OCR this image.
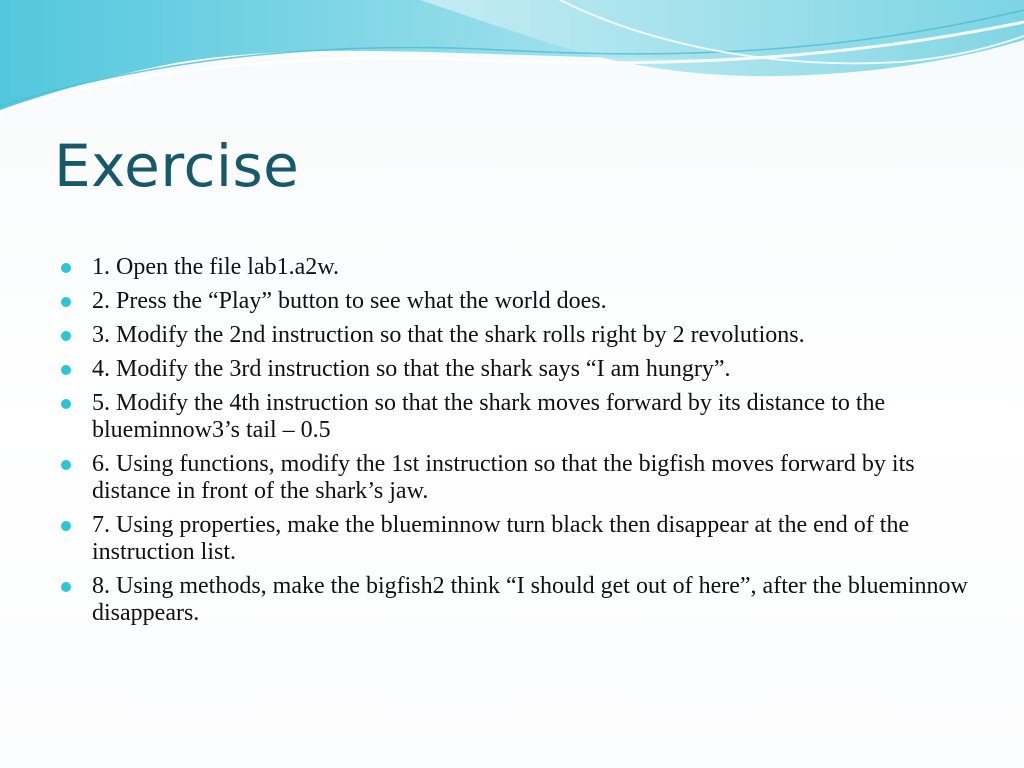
Exercise
1. Open the file lab1.a2w.
2. Press the “Play” button to see what the world does.
3. Modify the 2nd instruction so that the shark rolls right by 2 revolutions.
4. Modify the 3rd instruction so that the shark says “I am hungry”.
5. Modify the 4th instruction so that the shark moves forward by its distance to the blueminnow3’s tail – 0.5
6. Using functions, modify the 1st instruction so that the bigfish moves forward by its distance in front of the shark’s jaw.
7. Using properties, make the blueminnow turn black then disappear at the end of the instruction list.
8. Using methods, make the bigfish2 think “I should get out of here”, after the blueminnow disappears.
